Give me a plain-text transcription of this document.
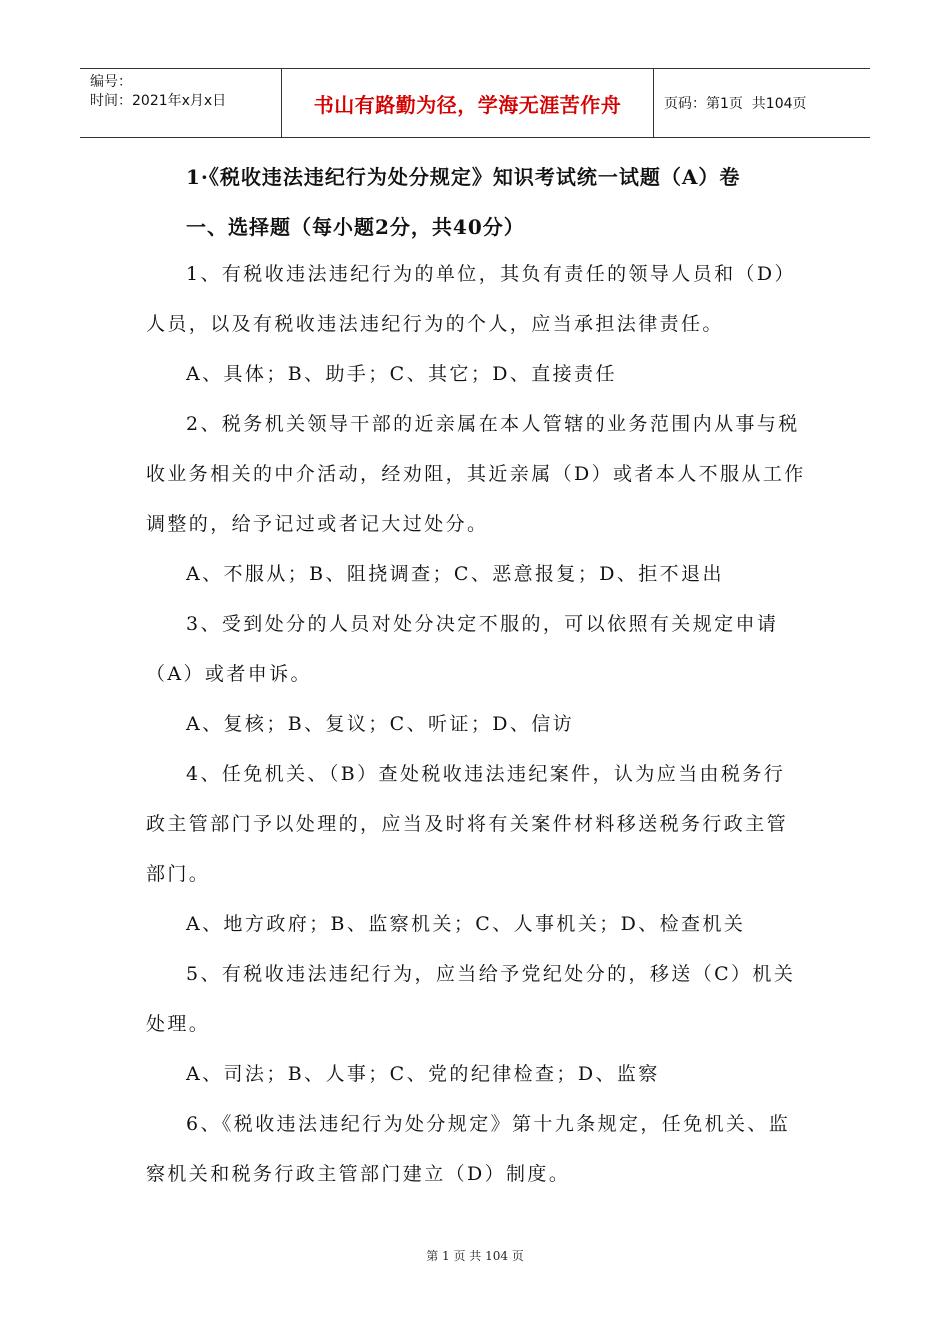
编号：
时间：2021年x月x日	书山有路勤为径，学海无涯苦作舟	页码：第1页  共104页
1·《税收违法违纪行为处分规定》知识考试统一试题（A）卷
一、选择题（每小题2分，共40分）

1、有税收违法违纪行为的单位，其负有责任的领导人员和（D）人员，以及有税收违法违纪行为的个人，应当承担法律责任。

A、具体；B、助手；C、其它；D、直接责任

2、税务机关领导干部的近亲属在本人管辖的业务范围内从事与税收业务相关的中介活动，经劝阻，其近亲属（D）或者本人不服从工作调整的，给予记过或者记大过处分。

A、不服从；B、阻挠调查；C、恶意报复；D、拒不退出

3、受到处分的人员对处分决定不服的，可以依照有关规定申请（A）或者申诉。

A、复核；B、复议；C、听证；D、信访

4、任免机关、（B）查处税收违法违纪案件，认为应当由税务行政主管部门予以处理的，应当及时将有关案件材料移送税务行政主管部门。

A、地方政府；B、监察机关；C、人事机关；D、检查机关

5、有税收违法违纪行为，应当给予党纪处分的，移送（C）机关处理。

A、司法；B、人事；C、党的纪律检查；D、监察

6、《税收违法违纪行为处分规定》第十九条规定，任免机关、监察机关和税务行政主管部门建立（D）制度。

第 1 页 共 104 页
